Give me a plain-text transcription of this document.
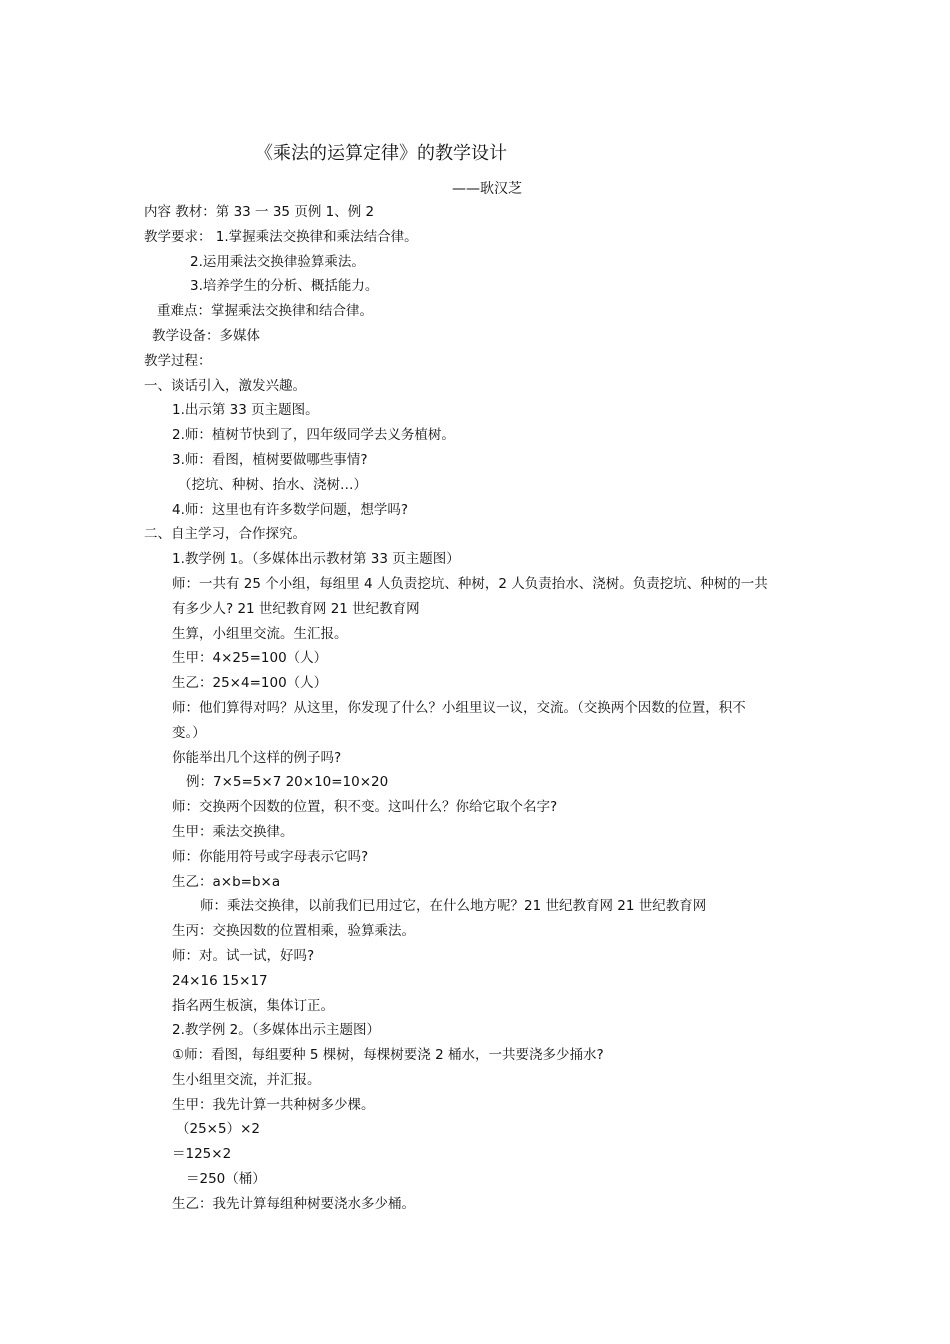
《乘法的运算定律》的教学设计
——耿汉芝
内容 教材：第 33 一 35 页例 1、例 2
教学要求： 1.掌握乘法交换律和乘法结合律。
2.运用乘法交换律验算乘法。
3.培养学生的分析、概括能力。
重难点：掌握乘法交换律和结合律。
教学设备：多媒体
教学过程：
一、谈话引入，激发兴趣。
1.出示第 33 页主题图。
2.师：植树节快到了，四年级同学去义务植树。
3.师：看图，植树要做哪些事情?
（挖坑、种树、抬水、浇树…）
4.师：这里也有许多数学问题，想学吗?
二、自主学习，合作探究。
1.教学例 1。（多媒体出示教材第 33 页主题图）
师：一共有 25 个小组，每组里 4 人负责挖坑、种树，2 人负责抬水、浇树。负责挖坑、种树的一共
有多少人? 21 世纪教育网 21 世纪教育网
生算，小组里交流。生汇报。
生甲：4×25=100（人）
生乙：25×4=100（人）
师：他们算得对吗？从这里，你发现了什么？小组里议一议，交流。（交换两个因数的位置，积不
变。）
你能举出几个这样的例子吗?
例：7×5=5×7 20×10=10×20
师：交换两个因数的位置，积不变。这叫什么？你给它取个名字?
生甲：乘法交换律。
师：你能用符号或字母表示它吗?
生乙：a×b=b×a
师：乘法交换律，以前我们已用过它，在什么地方呢？21 世纪教育网 21 世纪教育网
生丙：交换因数的位置相乘，验算乘法。
师：对。试一试，好吗?
24×16 15×17
指名两生板演，集体订正。
2.教学例 2。（多媒体出示主题图）
①师：看图，每组要种 5 棵树，每棵树要浇 2 桶水，一共要浇多少捅水?
生小组里交流，并汇报。
生甲：我先计算一共种树多少棵。
（25×5）×2
＝125×2
＝250（桶）
生乙：我先计算每组种树要浇水多少桶。
